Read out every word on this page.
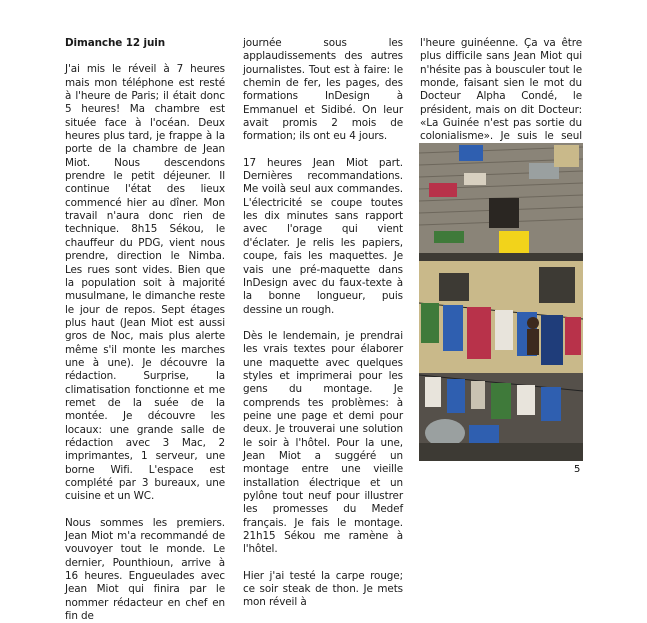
Dimanche 12 juin

J'ai mis le réveil à 7 heures mais mon téléphone est resté à l'heure de Paris; il était donc 5 heures! Ma chambre est située face à l'océan. Deux heures plus tard, je frappe à la porte de la chambre de Jean Miot. Nous descendons prendre le petit déjeuner. Il continue l'état des lieux commencé hier au dîner. Mon travail n'aura donc rien de technique. 8h15 Sékou, le chauffeur du PDG, vient nous prendre, direction le Nimba. Les rues sont vides. Bien que la population soit à majorité musulmane, le dimanche reste le jour de repos. Sept étages plus haut (Jean Miot est aussi gros de Noc, mais plus alerte même s'il monte les marches une à une). Je découvre la rédaction. Surprise, la climatisation fonctionne et me remet de la suée de la montée. Je découvre les locaux: une grande salle de rédaction avec 3 Mac, 2 imprimantes, 1 serveur, une borne Wifi. L'espace est complété par 3 bureaux, une cuisine et un WC.

Nous sommes les premiers. Jean Miot m'a recommandé de vouvoyer tout le monde. Le dernier, Pounthioun, arrive à 16 heures. Engueulades avec Jean Miot qui finira par le nommer rédacteur en chef en fin de

journée sous les applaudissements des autres journalistes. Tout est à faire: le chemin de fer, les pages, des formations InDesign à Emmanuel et Sidibé. On leur avait promis 2 mois de formation; ils ont eu 4 jours.

17 heures Jean Miot part. Dernières recommandations. Me voilà seul aux commandes. L'électricité se coupe toutes les dix minutes sans rapport avec l'orage qui vient d'éclater. Je relis les papiers, coupe, fais les maquettes. Je vais une pré-maquette dans InDesign avec du faux-texte à la bonne longueur, puis dessine un rough.

Dès le lendemain, je prendrai les vrais textes pour élaborer une maquette avec quelques styles et imprimerai pour les gens du montage. Je comprends tes problèmes: à peine une page et demi pour deux. Je trouverai une solution le soir à l'hôtel. Pour la une, Jean Miot a suggéré un montage entre une vieille installation électrique et un pylône tout neuf pour illustrer les promesses du Medef français. Je fais le montage. 21h15 Sékou me ramène à l'hôtel.

Hier j'ai testé la carpe rouge; ce soir steak de thon. Je mets mon réveil à

l'heure guinéenne. Ça va être plus difficile sans Jean Miot qui n'hésite pas à bousculer tout le monde, faisant sien le mot du Docteur Alpha Condé, le président, mais on dit Docteur: «La Guinée n'est pas sortie du colonialisme». Je suis le seul

5
